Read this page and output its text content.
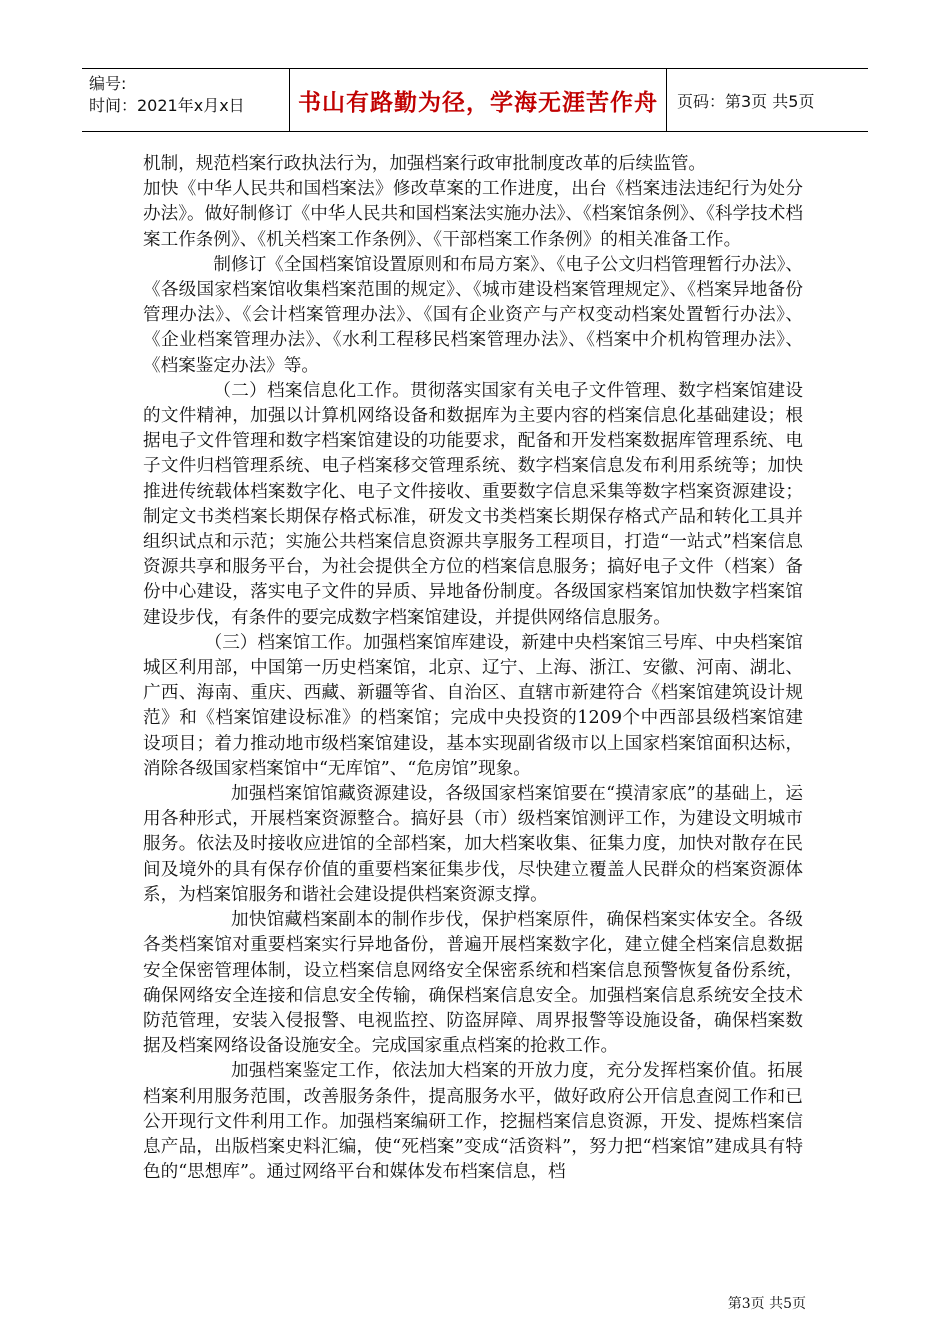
编号:
时间：2021年x月x日	书山有路勤为径，学海无涯苦作舟	页码：第3页 共5页

机制，规范档案行政执法行为，加强档案行政审批制度改革的后续监管。

加快《中华人民共和国档案法》修改草案的工作进度，出台《档案违法违纪行为处分办法》。做好制修订《中华人民共和国档案法实施办法》、《档案馆条例》、《科学技术档案工作条例》、《机关档案工作条例》、《干部档案工作条例》的相关准备工作。

制修订《全国档案馆设置原则和布局方案》、《电子公文归档管理暂行办法》、《各级国家档案馆收集档案范围的规定》、《城市建设档案管理规定》、《档案异地备份管理办法》、《会计档案管理办法》、《国有企业资产与产权变动档案处置暂行办法》、《企业档案管理办法》、《水利工程移民档案管理办法》、《档案中介机构管理办法》、《档案鉴定办法》等。

（二）档案信息化工作。贯彻落实国家有关电子文件管理、数字档案馆建设的文件精神，加强以计算机网络设备和数据库为主要内容的档案信息化基础建设；根据电子文件管理和数字档案馆建设的功能要求，配备和开发档案数据库管理系统、电子文件归档管理系统、电子档案移交管理系统、数字档案信息发布利用系统等；加快推进传统载体档案数字化、电子文件接收、重要数字信息采集等数字档案资源建设；制定文书类档案长期保存格式标准，研发文书类档案长期保存格式产品和转化工具并组织试点和示范；实施公共档案信息资源共享服务工程项目，打造“一站式”档案信息资源共享和服务平台，为社会提供全方位的档案信息服务；搞好电子文件（档案）备份中心建设，落实电子文件的异质、异地备份制度。各级国家档案馆加快数字档案馆建设步伐，有条件的要完成数字档案馆建设，并提供网络信息服务。

（三）档案馆工作。加强档案馆库建设，新建中央档案馆三号库、中央档案馆城区利用部，中国第一历史档案馆，北京、辽宁、上海、浙江、安徽、河南、湖北、广西、海南、重庆、西藏、新疆等省、自治区、直辖市新建符合《档案馆建筑设计规范》和《档案馆建设标准》的档案馆；完成中央投资的1209个中西部县级档案馆建设项目；着力推动地市级档案馆建设，基本实现副省级市以上国家档案馆面积达标，消除各级国家档案馆中“无库馆”、“危房馆”现象。

加强档案馆馆藏资源建设，各级国家档案馆要在“摸清家底”的基础上，运用各种形式，开展档案资源整合。搞好县（市）级档案馆测评工作，为建设文明城市服务。依法及时接收应进馆的全部档案，加大档案收集、征集力度，加快对散存在民间及境外的具有保存价值的重要档案征集步伐，尽快建立覆盖人民群众的档案资源体系，为档案馆服务和谐社会建设提供档案资源支撑。

加快馆藏档案副本的制作步伐，保护档案原件，确保档案实体安全。各级各类档案馆对重要档案实行异地备份，普遍开展档案数字化，建立健全档案信息数据安全保密管理体制，设立档案信息网络安全保密系统和档案信息预警恢复备份系统，确保网络安全连接和信息安全传输，确保档案信息安全。加强档案信息系统安全技术防范管理，安装入侵报警、电视监控、防盗屏障、周界报警等设施设备，确保档案数据及档案网络设备设施安全。完成国家重点档案的抢救工作。

加强档案鉴定工作，依法加大档案的开放力度，充分发挥档案价值。拓展档案利用服务范围，改善服务条件，提高服务水平，做好政府公开信息查阅工作和已公开现行文件利用工作。加强档案编研工作，挖掘档案信息资源，开发、提炼档案信息产品，出版档案史料汇编，使“死档案”变成“活资料”，努力把“档案馆”建成具有特色的“思想库”。通过网络平台和媒体发布档案信息，档

第3页 共5页
